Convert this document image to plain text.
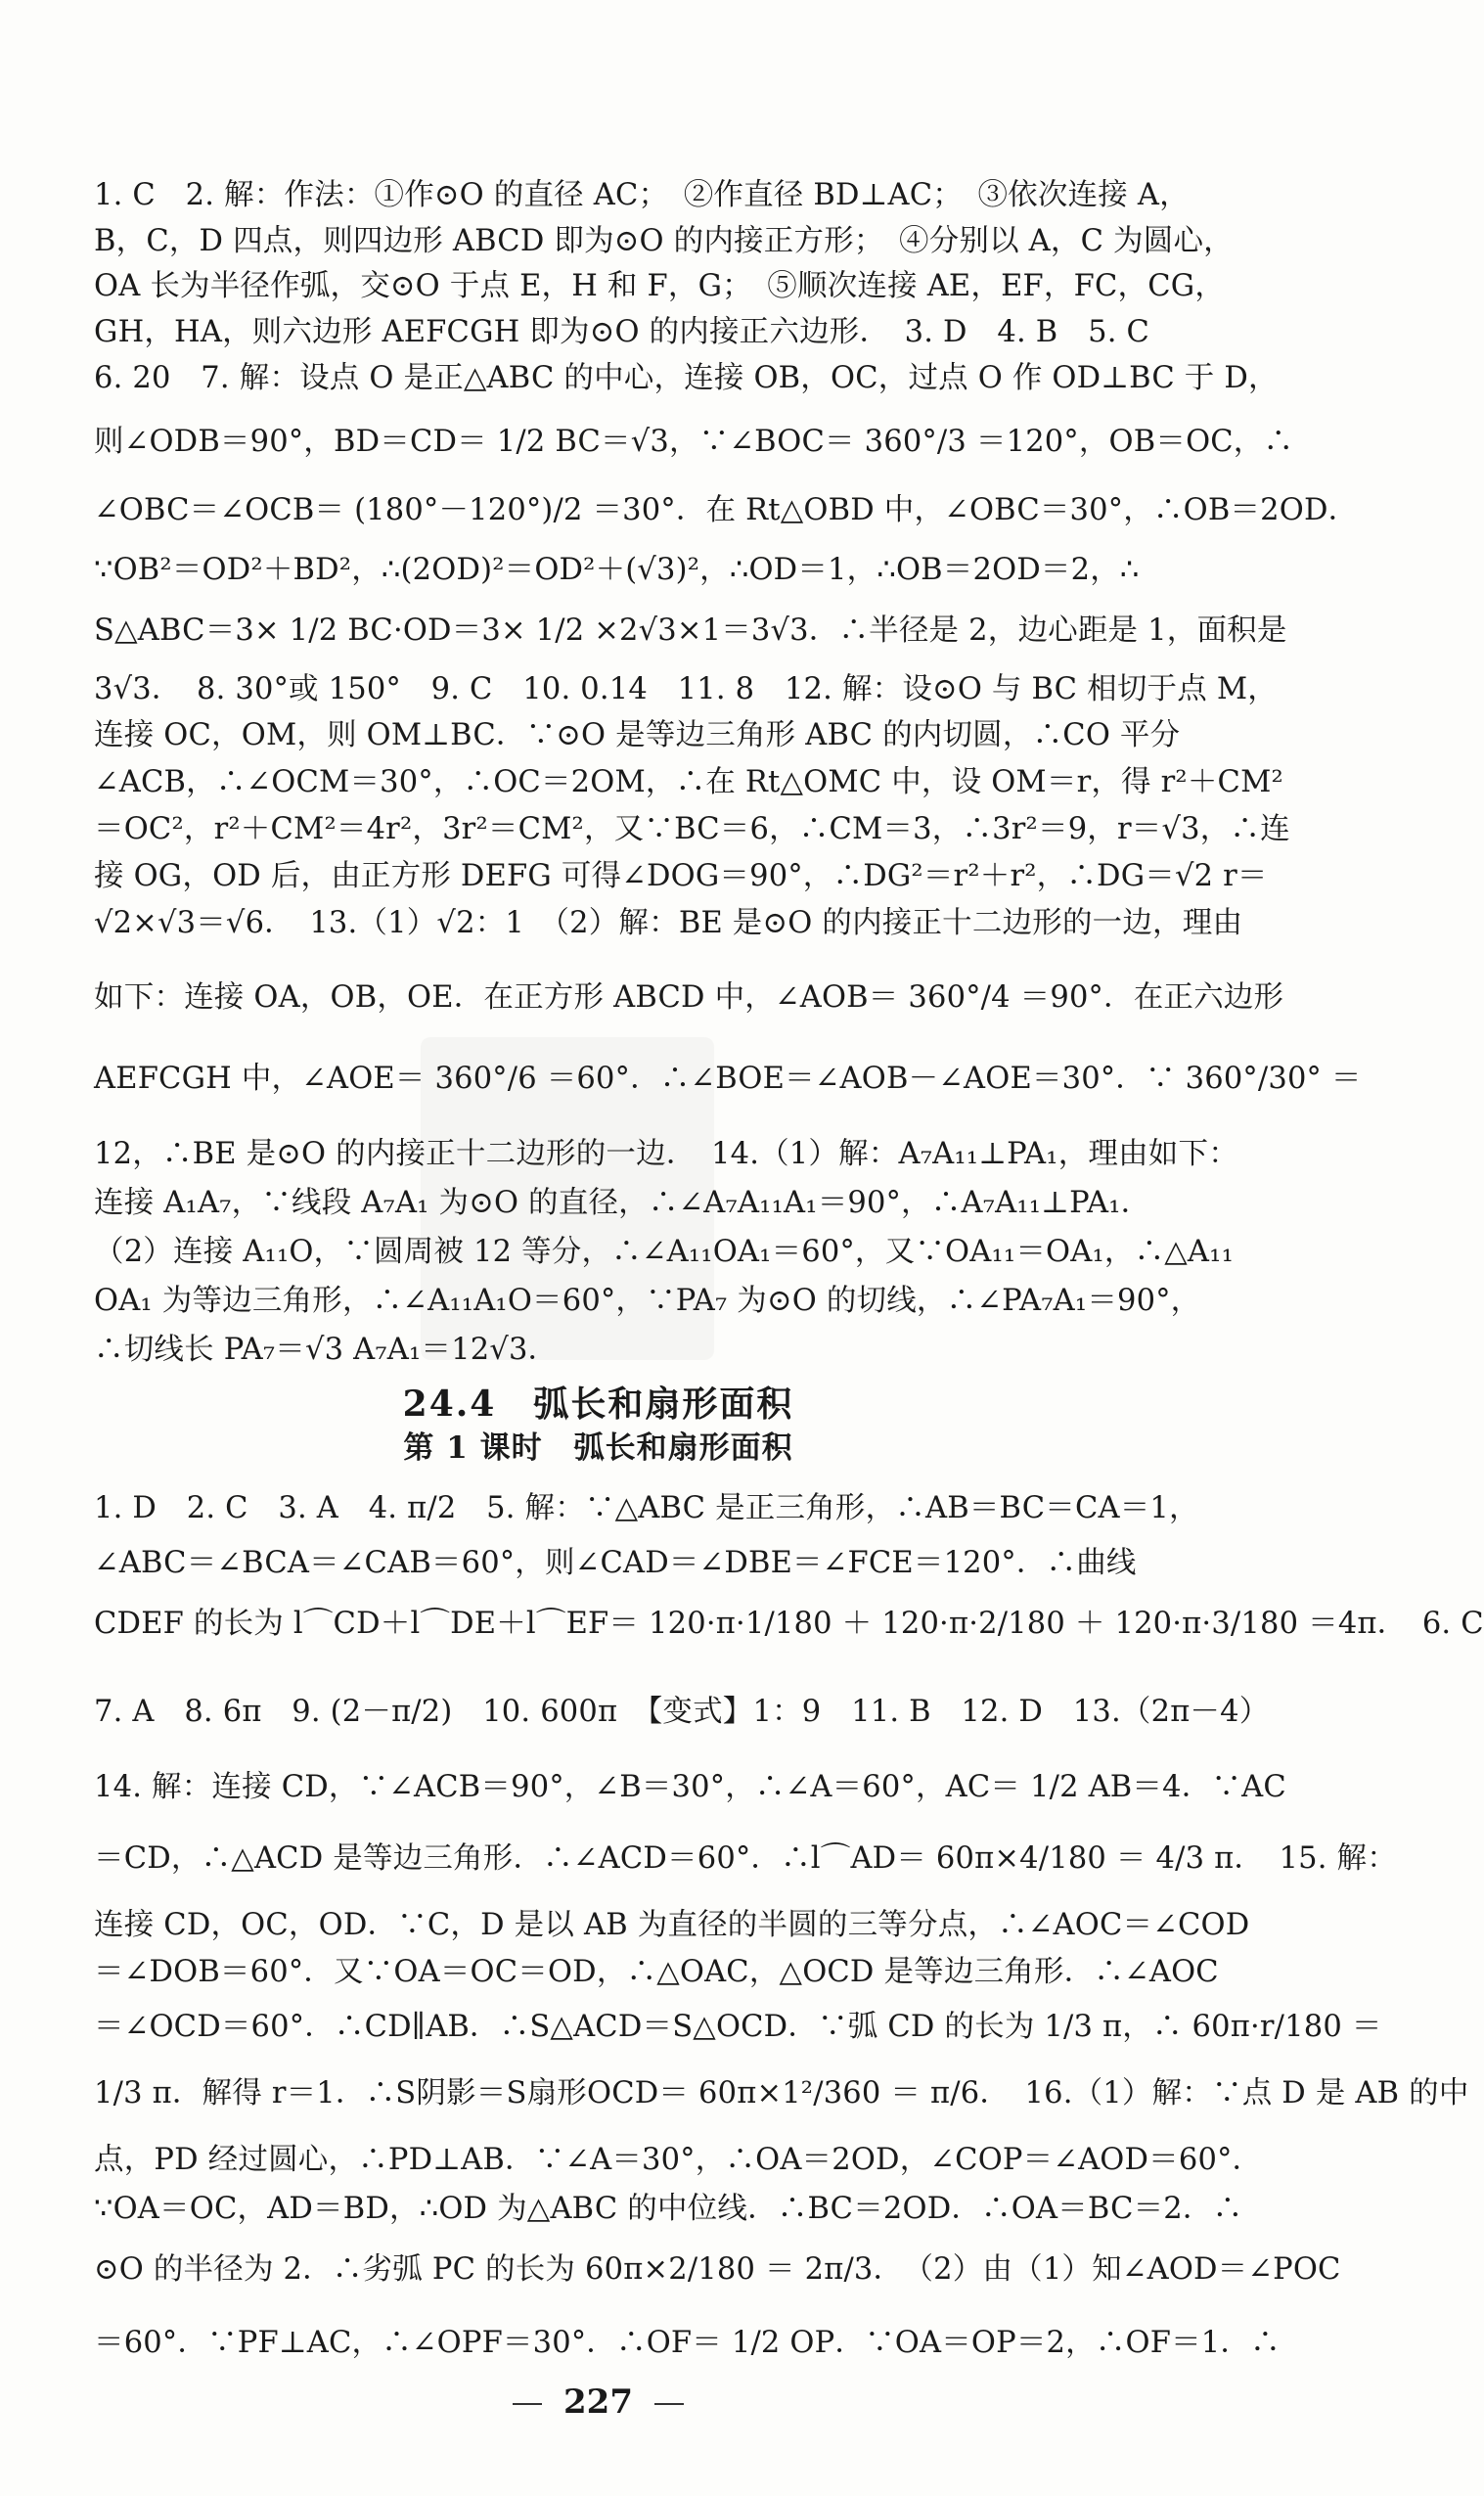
1. C　2. 解：作法：①作⊙O 的直径 AC；　②作直径 BD⊥AC；　③依次连接 A，
B，C，D 四点，则四边形 ABCD 即为⊙O 的内接正方形；　④分别以 A，C 为圆心，
OA 长为半径作弧，交⊙O 于点 E，H 和 F，G；　⑤顺次连接 AE，EF，FC，CG，
GH，HA，则六边形 AEFCGH 即为⊙O 的内接正六边形．　3. D　4. B　5. C
6. 20　7. 解：设点 O 是正△ABC 的中心，连接 OB，OC，过点 O 作 OD⊥BC 于 D，
则∠ODB＝90°，BD＝CD＝ 1/2 BC＝√3，∵∠BOC＝ 360°/3 ＝120°，OB＝OC，∴
∠OBC＝∠OCB＝ (180°－120°)/2 ＝30°．在 Rt△OBD 中，∠OBC＝30°，∴OB＝2OD．
∵OB²＝OD²＋BD²，∴(2OD)²＝OD²＋(√3)²，∴OD＝1，∴OB＝2OD＝2，∴
S△ABC＝3× 1/2 BC·OD＝3× 1/2 ×2√3×1＝3√3．∴半径是 2，边心距是 1，面积是
3√3．　8. 30°或 150°　9. C　10. 0.14　11. 8　12. 解：设⊙O 与 BC 相切于点 M，
连接 OC，OM，则 OM⊥BC．∵⊙O 是等边三角形 ABC 的内切圆，∴CO 平分
∠ACB，∴∠OCM＝30°，∴OC＝2OM，∴在 Rt△OMC 中，设 OM＝r，得 r²＋CM²
＝OC²，r²＋CM²＝4r²，3r²＝CM²，又∵BC＝6，∴CM＝3，∴3r²＝9，r＝√3，∴连
接 OG，OD 后，由正方形 DEFG 可得∠DOG＝90°，∴DG²＝r²＋r²，∴DG＝√2 r＝
√2×√3＝√6．　13.（1）√2：1　（2）解：BE 是⊙O 的内接正十二边形的一边，理由
如下：连接 OA，OB，OE．在正方形 ABCD 中，∠AOB＝ 360°/4 ＝90°．在正六边形
AEFCGH 中，∠AOE＝ 360°/6 ＝60°．∴∠BOE＝∠AOB－∠AOE＝30°．∵ 360°/30° ＝
12，∴BE 是⊙O 的内接正十二边形的一边．　14.（1）解：A₇A₁₁⊥PA₁，理由如下：
连接 A₁A₇，∵线段 A₇A₁ 为⊙O 的直径，∴∠A₇A₁₁A₁＝90°，∴A₇A₁₁⊥PA₁．
（2）连接 A₁₁O，∵圆周被 12 等分，∴∠A₁₁OA₁＝60°，又∵OA₁₁＝OA₁，∴△A₁₁
OA₁ 为等边三角形，∴∠A₁₁A₁O＝60°，∵PA₇ 为⊙O 的切线，∴∠PA₇A₁＝90°，
∴切线长 PA₇＝√3 A₇A₁＝12√3．
24.4　弧长和扇形面积
第 1 课时　弧长和扇形面积
1. D　2. C　3. A　4. π/2　5. 解：∵△ABC 是正三角形，∴AB＝BC＝CA＝1，
∠ABC＝∠BCA＝∠CAB＝60°，则∠CAD＝∠DBE＝∠FCE＝120°．∴曲线
CDEF 的长为 l⌒CD＋l⌒DE＋l⌒EF＝ 120·π·1/180 ＋ 120·π·2/180 ＋ 120·π·3/180 ＝4π．　6. C
7. A　8. 6π　9. (2－π/2)　10. 600π　【变式】1：9　11. B　12. D　13.（2π－4）
14. 解：连接 CD，∵∠ACB＝90°，∠B＝30°，∴∠A＝60°，AC＝ 1/2 AB＝4．∵AC
＝CD，∴△ACD 是等边三角形．∴∠ACD＝60°．∴l⌒AD＝ 60π×4/180 ＝ 4/3 π．　15. 解：
连接 CD，OC，OD．∵C，D 是以 AB 为直径的半圆的三等分点，∴∠AOC＝∠COD
＝∠DOB＝60°．又∵OA＝OC＝OD，∴△OAC，△OCD 是等边三角形．∴∠AOC
＝∠OCD＝60°．∴CD∥AB．∴S△ACD＝S△OCD．∵弧 CD 的长为 1/3 π，∴ 60π·r/180 ＝
1/3 π．解得 r＝1．∴S阴影＝S扇形OCD＝ 60π×1²/360 ＝ π/6．　16.（1）解：∵点 D 是 AB 的中
点，PD 经过圆心，∴PD⊥AB．∵∠A＝30°，∴OA＝2OD，∠COP＝∠AOD＝60°．
∵OA＝OC，AD＝BD，∴OD 为△ABC 的中位线．∴BC＝2OD．∴OA＝BC＝2．∴
⊙O 的半径为 2．∴劣弧 PC 的长为 60π×2/180 ＝ 2π/3．　（2）由（1）知∠AOD＝∠POC
＝60°．∵PF⊥AC，∴∠OPF＝30°．∴OF＝ 1/2 OP．∵OA＝OP＝2，∴OF＝1．∴
227
